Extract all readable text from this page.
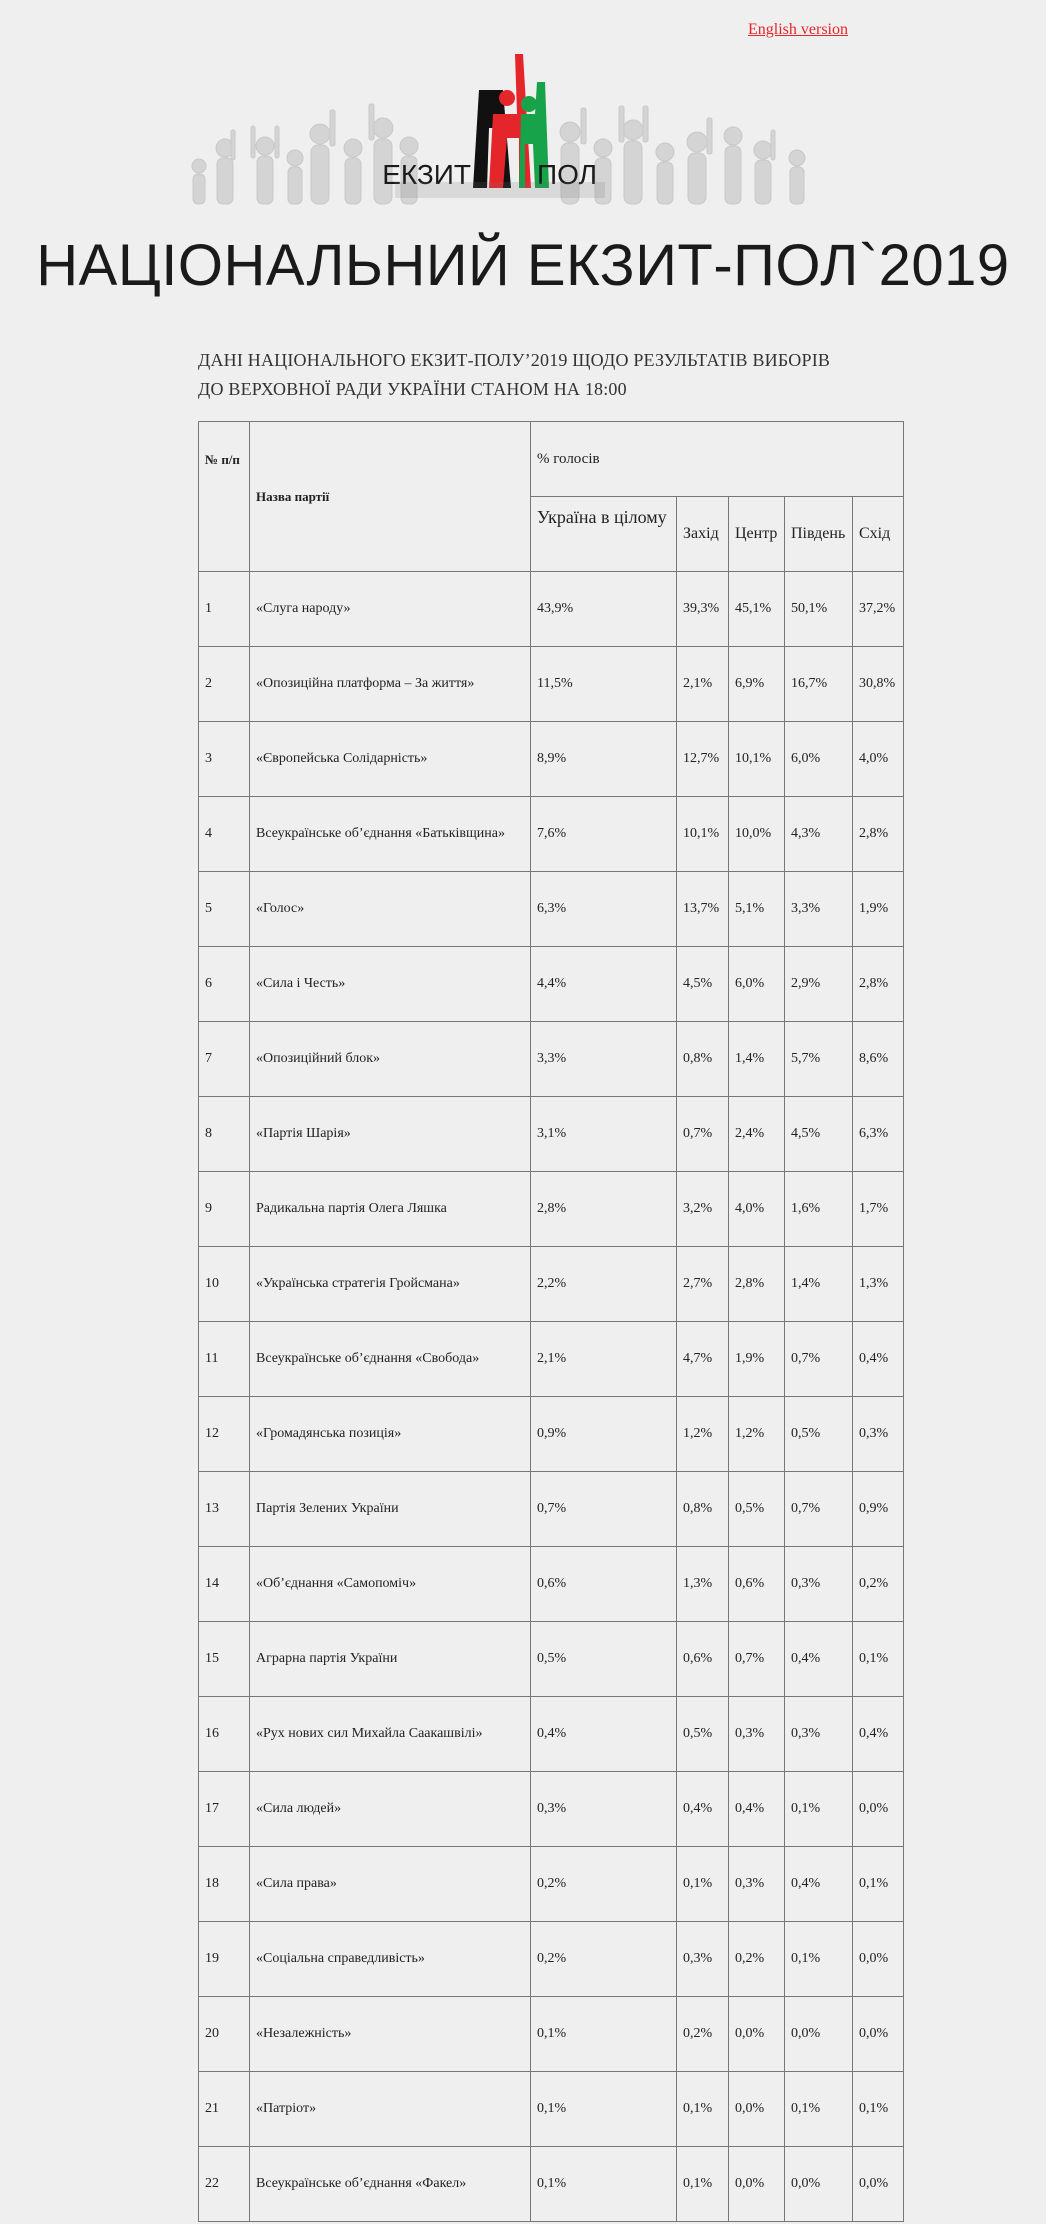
English version
ЕКЗИТ ПОЛ
НАЦІОНАЛЬНИЙ ЕКЗИТ-ПОЛ`2019
ДАНІ НАЦІОНАЛЬНОГО ЕКЗИТ-ПОЛУ’2019 ЩОДО РЕЗУЛЬТАТІВ ВИБОРІВ
ДО ВЕРХОВНОЇ РАДИ УКРАЇНИ СТАНОМ НА 18:00
№ п/п	Назва партії	% голосів				
		Україна в цілому	Захід	Центр	Південь	Схід
1	«Слуга народу»	43,9%	39,3%	45,1%	50,1%	37,2%
2	«Опозиційна платформа – За життя»	11,5%	2,1%	6,9%	16,7%	30,8%
3	«Європейська Солідарність»	8,9%	12,7%	10,1%	6,0%	4,0%
4	Всеукраїнське об’єднання «Батьківщина»	7,6%	10,1%	10,0%	4,3%	2,8%
5	«Голос»	6,3%	13,7%	5,1%	3,3%	1,9%
6	«Сила і Честь»	4,4%	4,5%	6,0%	2,9%	2,8%
7	«Опозиційний блок»	3,3%	0,8%	1,4%	5,7%	8,6%
8	«Партія Шарія»	3,1%	0,7%	2,4%	4,5%	6,3%
9	Радикальна партія Олега Ляшка	2,8%	3,2%	4,0%	1,6%	1,7%
10	«Українська стратегія Гройсмана»	2,2%	2,7%	2,8%	1,4%	1,3%
11	Всеукраїнське об’єднання «Свобода»	2,1%	4,7%	1,9%	0,7%	0,4%
12	«Громадянська позиція»	0,9%	1,2%	1,2%	0,5%	0,3%
13	Партія Зелених України	0,7%	0,8%	0,5%	0,7%	0,9%
14	«Об’єднання «Самопоміч»	0,6%	1,3%	0,6%	0,3%	0,2%
15	Аграрна партія України	0,5%	0,6%	0,7%	0,4%	0,1%
16	«Рух нових сил Михайла Саакашвілі»	0,4%	0,5%	0,3%	0,3%	0,4%
17	«Сила людей»	0,3%	0,4%	0,4%	0,1%	0,0%
18	«Сила права»	0,2%	0,1%	0,3%	0,4%	0,1%
19	«Соціальна справедливість»	0,2%	0,3%	0,2%	0,1%	0,0%
20	«Незалежність»	0,1%	0,2%	0,0%	0,0%	0,0%
21	«Патріот»	0,1%	0,1%	0,0%	0,1%	0,1%
22	Всеукраїнське об’єднання «Факел»	0,1%	0,1%	0,0%	0,0%	0,0%
